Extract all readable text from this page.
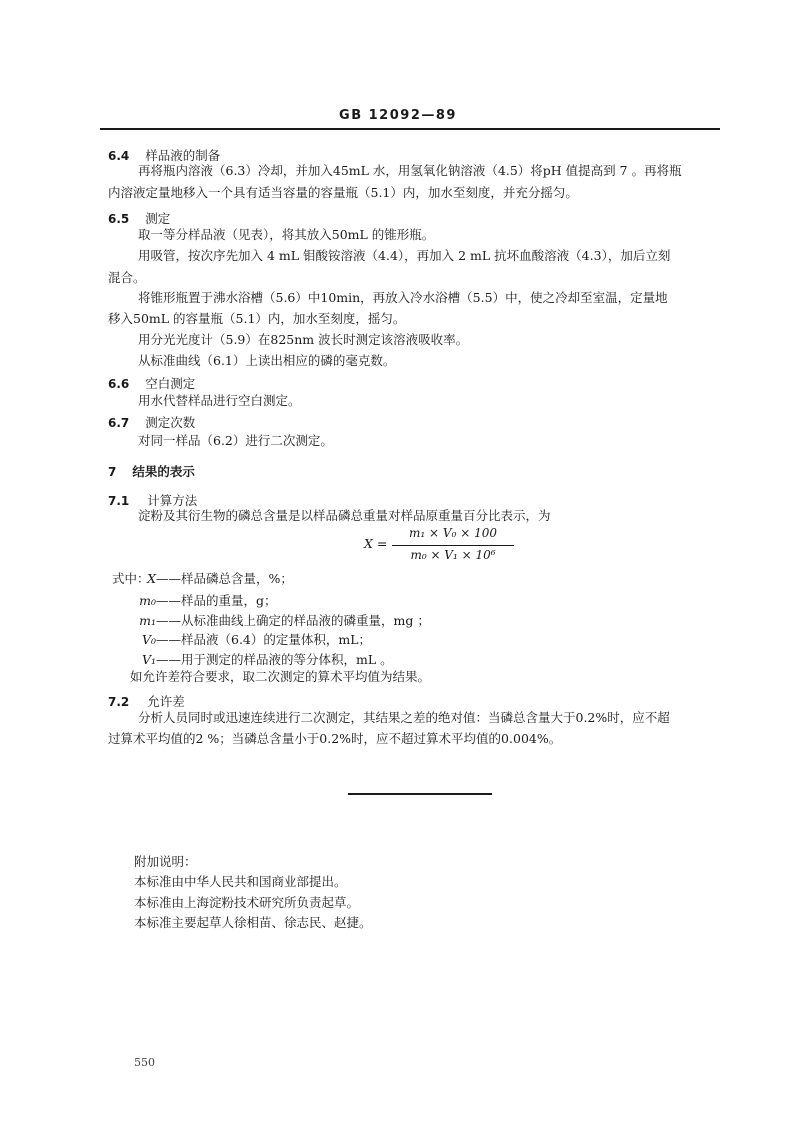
GB 12092—89
6.4 样品液的制备
再将瓶内溶液（6.3）冷却，并加入45mL 水，用氢氧化钠溶液（4.5）将pH 值提高到 7 。再将瓶
内溶液定量地移入一个具有适当容量的容量瓶（5.1）内，加水至刻度，并充分摇匀。
6.5 测定
取一等分样品液（见表），将其放入50mL 的锥形瓶。
用吸管，按次序先加入 4 mL 钼酸铵溶液（4.4），再加入 2 mL 抗坏血酸溶液（4.3），加后立刻
混合。
将锥形瓶置于沸水浴槽（5.6）中10min，再放入冷水浴槽（5.5）中，使之冷却至室温，定量地
移入50mL 的容量瓶（5.1）内，加水至刻度，摇匀。
用分光光度计（5.9）在825nm 波长时测定该溶液吸收率。
从标准曲线（6.1）上读出相应的磷的毫克数。
6.6 空白测定
用水代替样品进行空白测定。
6.7 测定次数
对同一样品（6.2）进行二次测定。
7 结果的表示
7.1 计算方法
淀粉及其衍生物的磷总含量是以样品磷总重量对样品原重量百分比表示，为
X =
m₁ × V₀ × 100
m₀ × V₁ × 10⁶
式中：
X——样品磷总含量，%；
m₀——样品的重量，g；
m₁——从标准曲线上确定的样品液的磷重量，mg ；
V₀——样品液（6.4）的定量体积，mL；
V₁——用于测定的样品液的等分体积，mL 。
如允许差符合要求，取二次测定的算术平均值为结果。
7.2 允许差
分析人员同时或迅速连续进行二次测定，其结果之差的绝对值：当磷总含量大于0.2%时，应不超
过算术平均值的2 %；当磷总含量小于0.2%时，应不超过算术平均值的0.004%。
附加说明：
本标准由中华人民共和国商业部提出。
本标准由上海淀粉技术研究所负责起草。
本标准主要起草人徐相苗、徐志民、赵捷。
550
